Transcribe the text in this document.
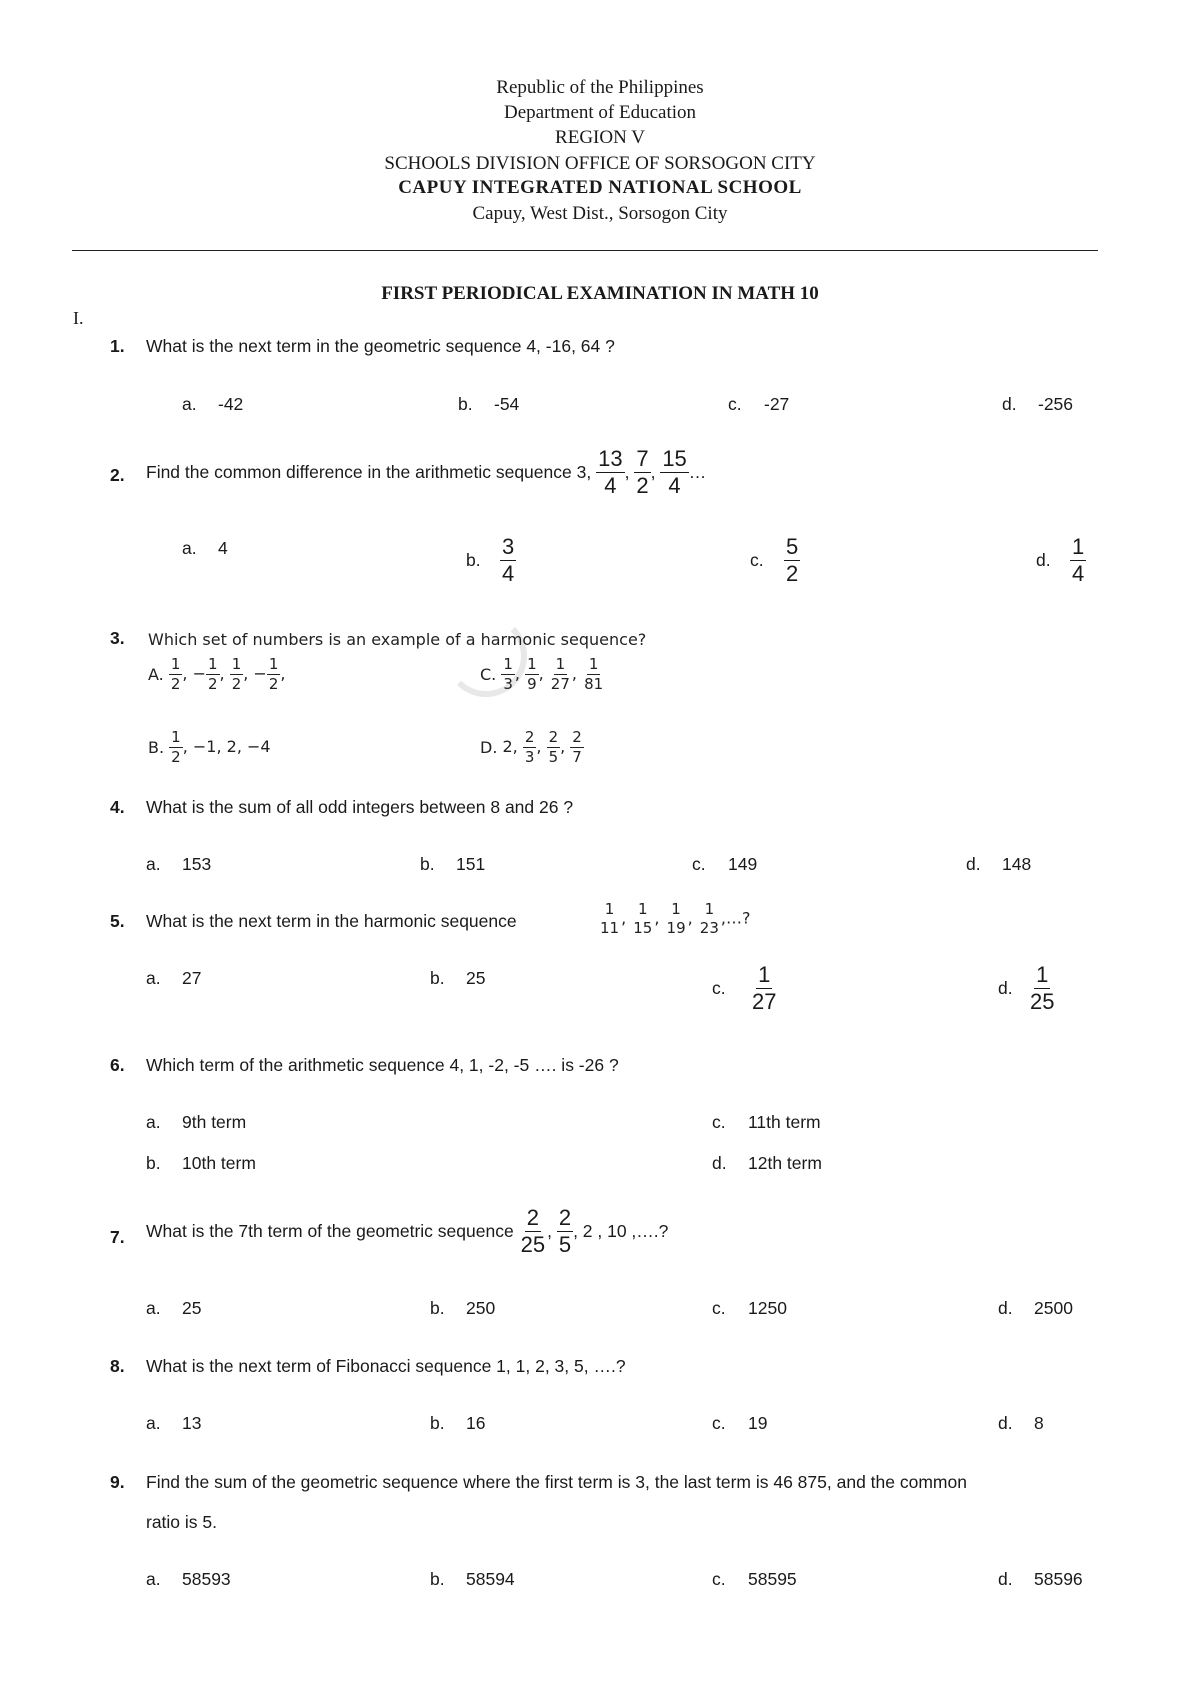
Republic of the Philippines
Department of Education
REGION V
SCHOOLS DIVISION OFFICE OF SORSOGON CITY
CAPUY INTEGRATED NATIONAL SCHOOL
Capuy, West Dist., Sorsogon City
FIRST PERIODICAL EXAMINATION IN MATH 10
I.
1. What is the next term in the geometric sequence 4, -16, 64 ?
a. -42	b. -54	c. -27	d. -256
2. Find the common difference in the arithmetic sequence 3, $\frac{13}{4}$ , $\frac{7}{2}$ , $\frac{15}{4}$ …
a. 4
b. $\frac{3}{4}$	c. $\frac{5}{2}$	d. $\frac{1}{4}$
3. Which set of numbers is an example of a harmonic sequence?
A. $\frac{1}{2}$ , − $\frac{1}{2}$ , $\frac{1}{2}$ , − $\frac{1}{2}$ ,	C. $\frac{1}{3}$ , $\frac{1}{9}$ , $\frac{1}{27}$ , $\frac{1}{81}$
B. $\frac{1}{2}$ , −1, 2, −4	D. 2, $\frac{2}{3}$ , $\frac{2}{5}$ , $\frac{2}{7}$
4. What is the sum of all odd integers between 8 and 26 ?
a. 153	b. 151	c. 149	d. 148
5. What is the next term in the harmonic sequence
1
11
, 1
15
, 1
19
, 1
23
,…?
a. 27	b. 25	c. $\frac{1}{27}$	d. $\frac{1}{25}$
6. Which term of the arithmetic sequence 4, 1, -2, -5 …. is -26 ?
a. 9th term	c. 11th term
b. 10th term	d. 12th term
7. What is the 7th term of the geometric sequence $\frac{2}{25}$ , $\frac{2}{5}$ , 2 , 10 ,….?
a. 25	b. 250	c. 1250	d. 2500
8. What is the next term of Fibonacci sequence 1, 1, 2, 3, 5, ….?
a. 13	b. 16	c. 19	d. 8
9. Find the sum of the geometric sequence where the first term is 3, the last term is 46 875, and the common
ratio is 5.
a. 58593	b. 58594	c. 58595	d. 58596
